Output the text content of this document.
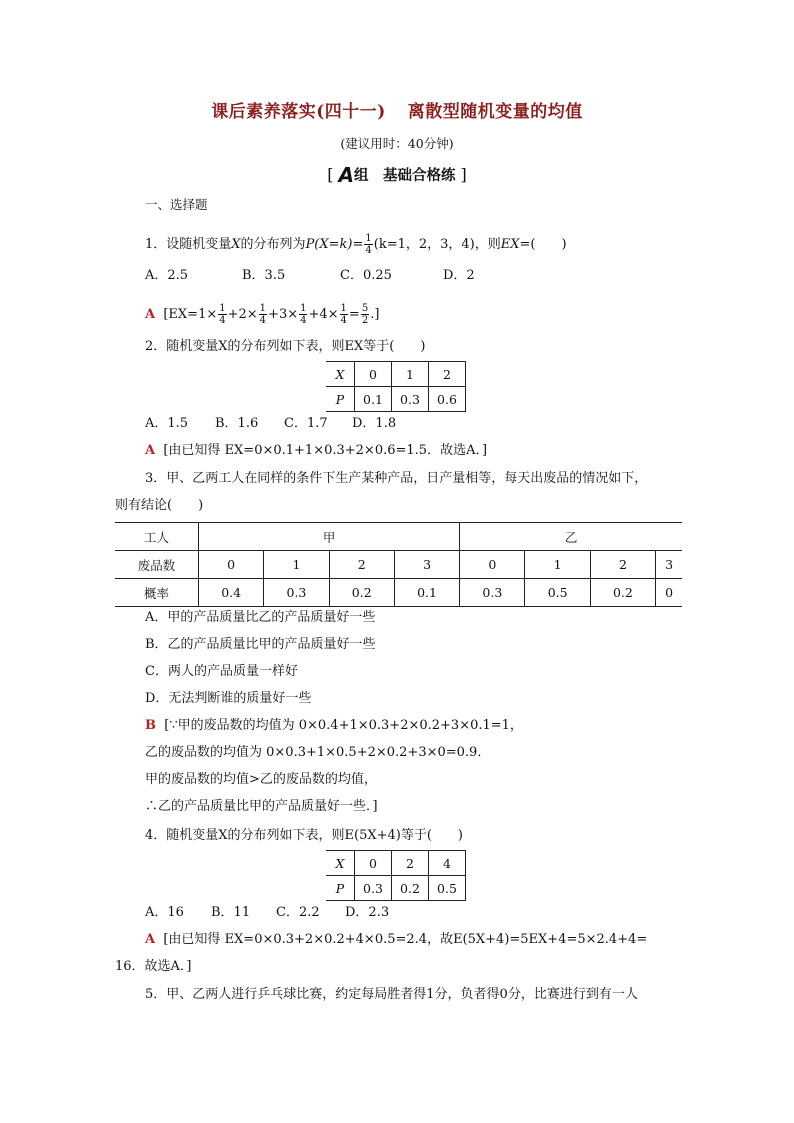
课后素养落实(四十一) 离散型随机变量的均值
(建议用时：40分钟)
[ A组　基础合格练 ]
一、选择题
1．设随机变量X的分布列为$P(X=k)= \frac{1}{4} (k=1$，2，3，4)，则EX=(　　)
A．2.5	B．3.5	C．0.25	D．2
A [$EX=1\times \frac{1}{4} +2\times \frac{1}{4} +3\times \frac{1}{4} +4\times \frac{1}{4} = \frac{5}{2}$ .]
2．随机变量X的分布列如下表，则EX等于(　　)
X	0	1	2
P	0.1	0.3	0.6
A．1.5 B．1.6 C．1.7 D．1.8
A [由已知得 EX=0×0.1+1×0.3+2×0.6=1.5．故选A．]
3．甲、乙两工人在同样的条件下生产某种产品，日产量相等，每天出废品的情况如下，
则有结论(　　)
工人	甲				乙			
废品数	0	1	2	3	0	1	2	3
概率	0.4	0.3	0.2	0.1	0.3	0.5	0.2	0
A．甲的产品质量比乙的产品质量好一些
B．乙的产品质量比甲的产品质量好一些
C．两人的产品质量一样好
D．无法判断谁的质量好一些
B [∵甲的废品数的均值为 0×0.4+1×0.3+2×0.2+3×0.1=1，
乙的废品数的均值为 0×0.3+1×0.5+2×0.2+3×0=0.9．
甲的废品数的均值>乙的废品数的均值，
∴乙的产品质量比甲的产品质量好一些．]
4．随机变量X的分布列如下表，则E(5X+4)等于(　　)
X	0	2	4
P	0.3	0.2	0.5
A．16 B．11 C．2.2 D．2.3
A [由已知得 EX=0×0.3+2×0.2+4×0.5=2.4，故E(5X+4)=5EX+4=5×2.4+4=
16．故选A．]
5．甲、乙两人进行乒乓球比赛，约定每局胜者得1分，负者得0分，比赛进行到有一人
